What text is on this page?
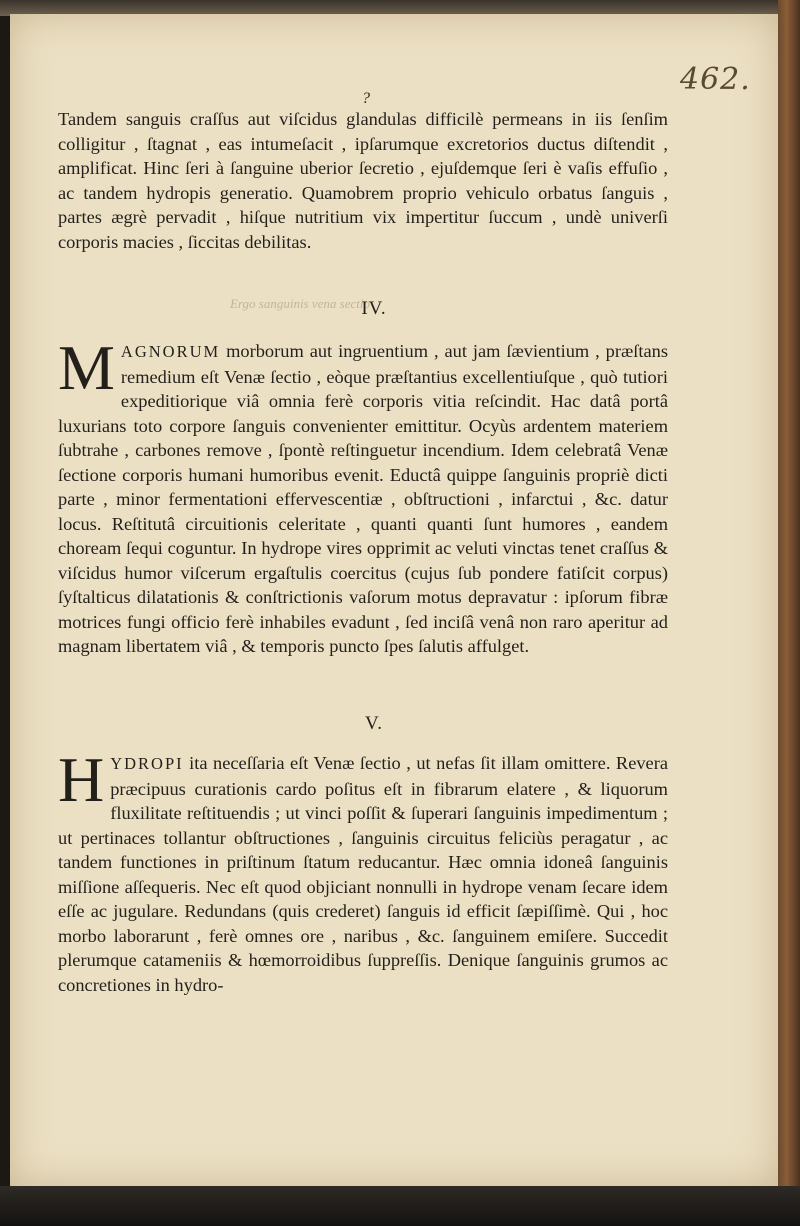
462.
?
Tandem sanguis craſſus aut viſcidus glandulas difficilè permeans in iis ſenſim colligitur , ſtagnat , eas intumeſacit , ipſarumque excretorios ductus diſtendit , amplificat. Hinc ſeri à ſanguine uberior ſecretio , ejuſdemque ſeri è vaſis effuſio , ac tandem hydropis generatio. Quamobrem proprio vehiculo orbatus ſanguis , partes ægrè pervadit , hiſque nutritium vix impertitur ſuccum , undè univerſi corporis macies , ſiccitas debilitas.
Ergo sanguinis vena sectio
IV.
MAGNORUM morborum aut ingruentium , aut jam ſævientium , præſtans remedium eſt Venæ ſectio , eòque præſtantius excellentiuſque , quò tutiori expeditiorique viâ omnia ferè corporis vitia reſcindit. Hac datâ portâ luxurians toto corpore ſanguis convenienter emittitur. Ocyùs ardentem materiem ſubtrahe , carbones remove , ſpontè reſtinguetur incendium. Idem celebratâ Venæ ſectione corporis humani humoribus evenit. Eductâ quippe ſanguinis propriè dicti parte , minor fermentationi effervescentiæ , obſtructioni , infarctui , &c. datur locus. Reſtitutâ circuitionis celeritate , quanti quanti ſunt humores , eandem choream ſequi coguntur. In hydrope vires opprimit ac veluti vinctas tenet craſſus & viſcidus humor viſcerum ergaſtulis coercitus (cujus ſub pondere fatiſcit corpus) ſyſtalticus dilatationis & conſtrictionis vaſorum motus depravatur : ipſorum fibræ motrices fungi officio ferè inhabiles evadunt , ſed inciſâ venâ non raro aperitur ad magnam libertatem viâ , & temporis puncto ſpes ſalutis affulget.
V.
HYDROPI ita neceſſaria eſt Venæ ſectio , ut nefas ſit illam omittere. Revera præcipuus curationis cardo poſitus eſt in fibrarum elatere , & liquorum fluxilitate reſtituendis ; ut vinci poſſit & ſuperari ſanguinis impedimentum ; ut pertinaces tollantur obſtructiones , ſanguinis circuitus feliciùs peragatur , ac tandem functiones in priſtinum ſtatum reducantur. Hæc omnia idoneâ ſanguinis miſſione aſſequeris. Nec eſt quod objiciant nonnulli in hydrope venam ſecare idem eſſe ac jugulare. Redundans (quis crederet) ſanguis id efficit ſæpiſſimè. Qui , hoc morbo laborarunt , ferè omnes ore , naribus , &c. ſanguinem emiſere. Succedit plerumque catameniis & hœmorroidibus ſuppreſſis. Denique ſanguinis grumos ac concretiones in hydro-
